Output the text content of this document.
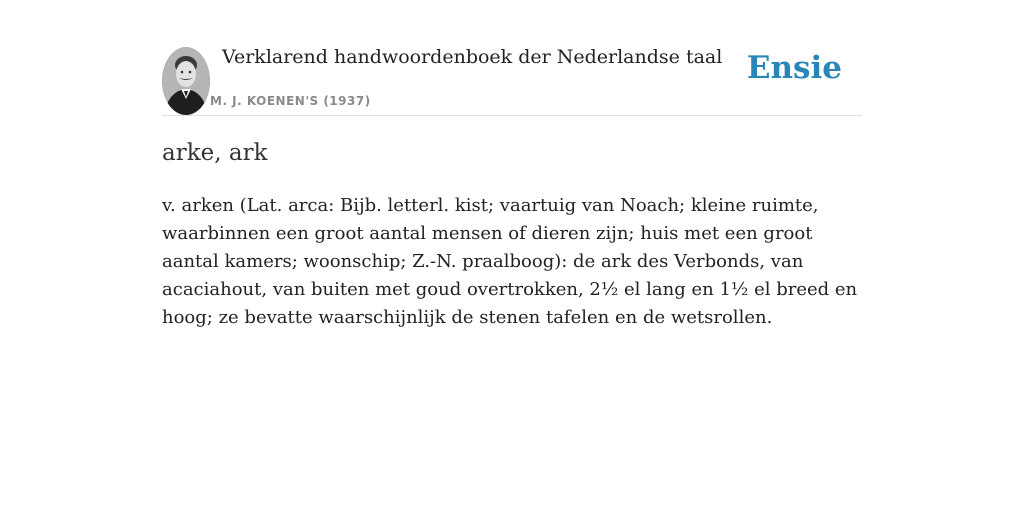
Verklarend handwoordenboek der Nederlandse taal
M. J. KOENEN'S (1937)
Ensie
arke, ark

v. arken (Lat. arca: Bijb. letterl. kist; vaartuig van Noach; kleine ruimte, waarbinnen een groot aantal mensen of dieren zijn; huis met een groot aantal kamers; woonschip; Z.-N. praalboog): de ark des Verbonds, van acaciahout, van buiten met goud overtrokken, 2½ el lang en 1½ el breed en hoog; ze bevatte waarschijnlijk de stenen tafelen en de wetsrollen.
